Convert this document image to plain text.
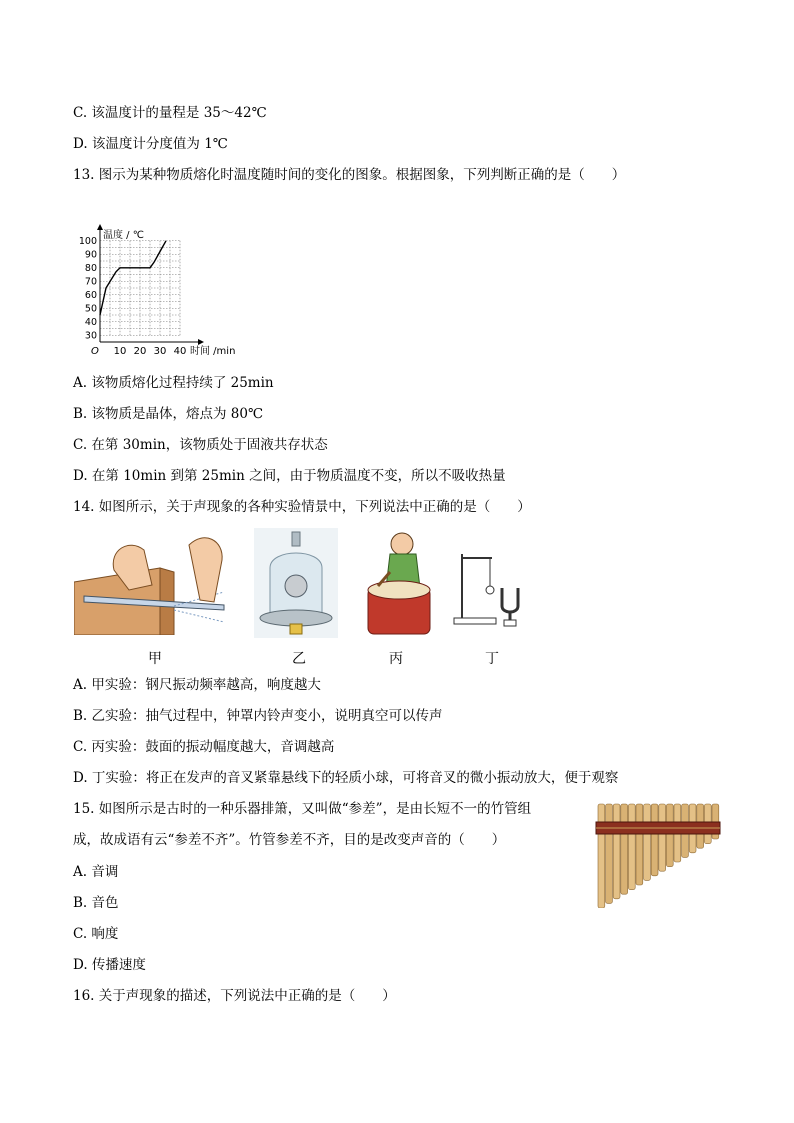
C. 该温度计的量程是 35～42℃
D. 该温度计分度值为 1℃
13. 图示为某种物质熔化时温度随时间的变化的图象。根据图象，下列判断正确的是（　　）
温度 / ℃
时间 /min
O
30
40
50
60
70
80
90
100
10 20 30 40
A. 该物质熔化过程持续了 25min
B. 该物质是晶体，熔点为 80℃
C. 在第 30min，该物质处于固液共存状态
D. 在第 10min 到第 25min 之间，由于物质温度不变，所以不吸收热量
14. 如图所示，关于声现象的各种实验情景中，下列说法中正确的是（　　）
甲	乙	丙	丁
A. 甲实验：钢尺振动频率越高，响度越大
B. 乙实验：抽气过程中，钟罩内铃声变小，说明真空可以传声
C. 丙实验：鼓面的振动幅度越大，音调越高
D. 丁实验：将正在发声的音叉紧靠悬线下的轻质小球，可将音叉的微小振动放大，便于观察
15. 如图所示是古时的一种乐器排箫，又叫做“参差”，是由长短不一的竹管组
成，故成语有云“参差不齐”。竹管参差不齐，目的是改变声音的（　　）
A. 音调
B. 音色
C. 响度
D. 传播速度
16. 关于声现象的描述，下列说法中正确的是（　　）
